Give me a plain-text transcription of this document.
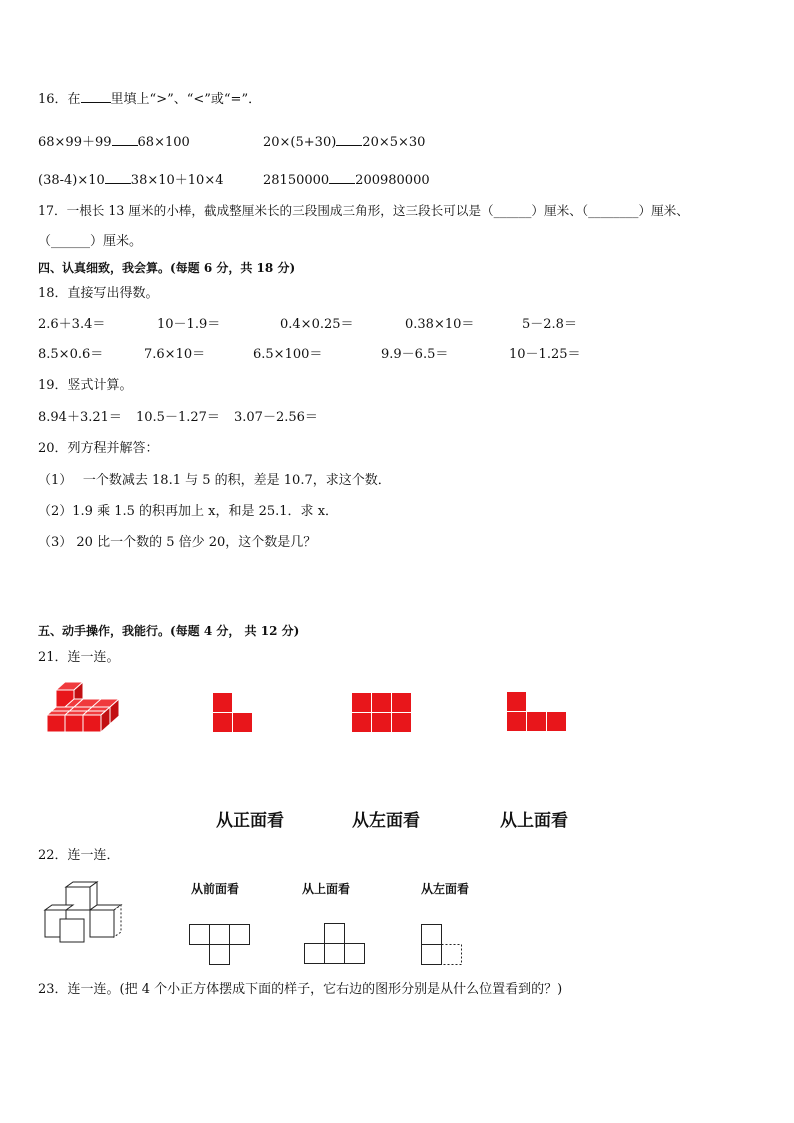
16．在 里填上“>”、“<”或“=”．
68×99＋99 68×100	20×(5+30) 20×5×30
(38-4)×10 38×10＋10×4	28150000 200980000
17．一根长 13 厘米的小棒，截成整厘米长的三段围成三角形，这三段长可以是（______）厘米、（________）厘米、
（______）厘米。
四、认真细致，我会算。(每题 6 分，共 18 分)
18．直接写出得数。
2.6＋3.4＝	10－1.9＝	0.4×0.25＝	0.38×10＝	5－2.8＝
8.5×0.6＝	7.6×10＝	6.5×100＝	9.9－6.5＝	10－1.25＝
19．竖式计算。
8.94＋3.21＝ 10.5－1.27＝ 3.07－2.56＝
20．列方程并解答：
（1）　 一个数减去 18.1 与 5 的积，差是 10.7，求这个数．
（2）1.9 乘 1.5 的积再加上 x，和是 25.1．求 x．
（3） 20 比一个数的 5 倍少 20，这个数是几？
五、动手操作，我能行。(每题 4 分， 共 12 分)
21．连一连。
从正面看	从左面看	从上面看
22．连一连．
从前面看	从上面看	从左面看
23．连一连。(把 4 个小正方体摆成下面的样子，它右边的图形分别是从什么位置看到的？)
